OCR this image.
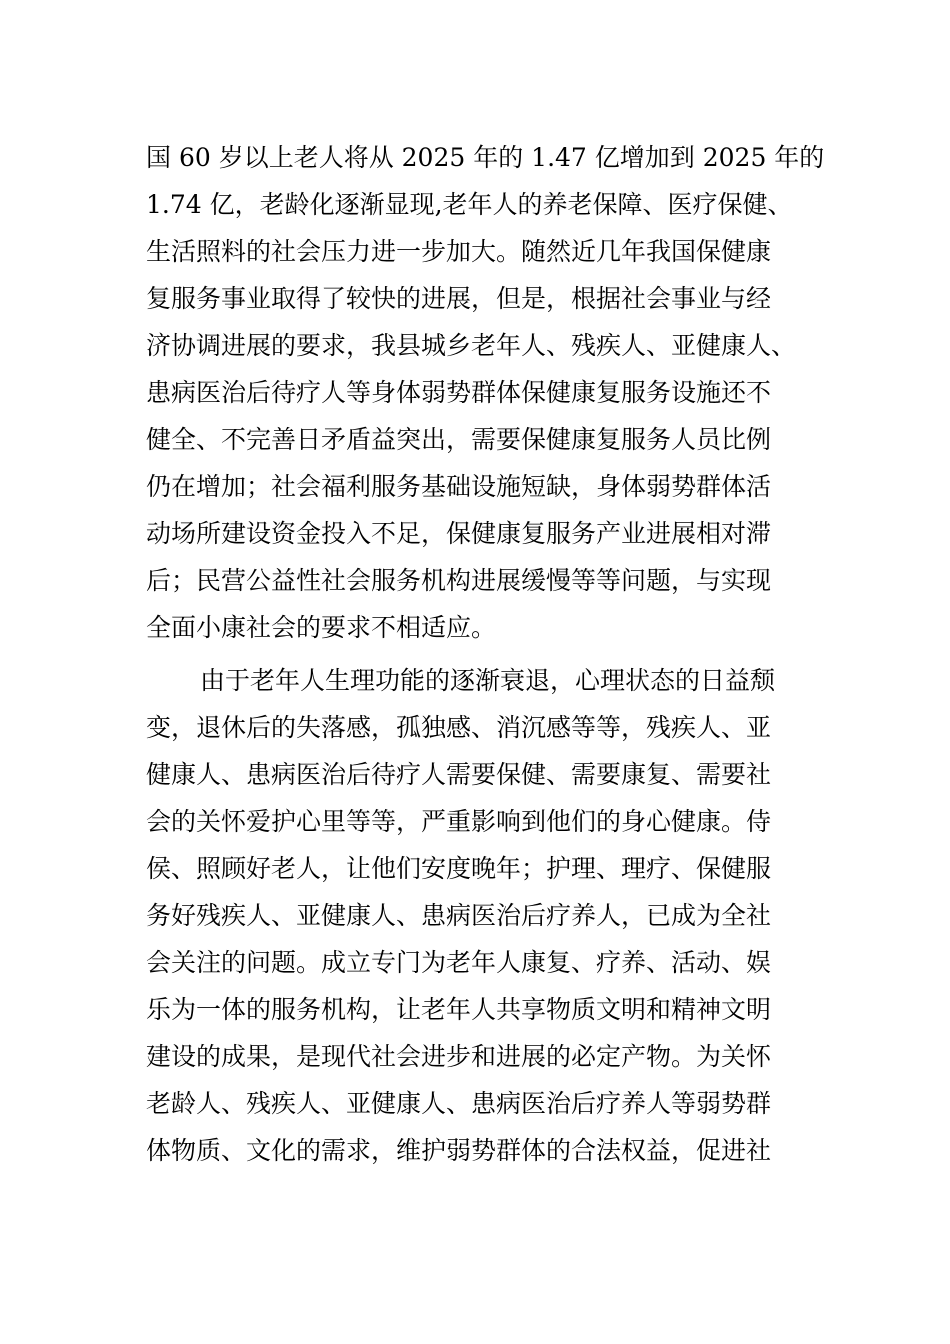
国 60 岁以上老人将从 2025 年的 1.47 亿增加到 2025 年的
1.74 亿，老龄化逐渐显现,老年人的养老保障、医疗保健、
生活照料的社会压力进一步加大。随然近几年我国保健康
复服务事业取得了较快的进展，但是，根据社会事业与经
济协调进展的要求，我县城乡老年人、残疾人、亚健康人、
患病医治后待疗人等身体弱势群体保健康复服务设施还不
健全、不完善日矛盾益突出，需要保健康复服务人员比例
仍在增加；社会福利服务基础设施短缺，身体弱势群体活
动场所建设资金投入不足，保健康复服务产业进展相对滞
后；民营公益性社会服务机构进展缓慢等等问题，与实现
全面小康社会的要求不相适应。
由于老年人生理功能的逐渐衰退，心理状态的日益颓
变，退休后的失落感，孤独感、消沉感等等，残疾人、亚
健康人、患病医治后待疗人需要保健、需要康复、需要社
会的关怀爱护心里等等，严重影响到他们的身心健康。侍
侯、照顾好老人，让他们安度晚年；护理、理疗、保健服
务好残疾人、亚健康人、患病医治后疗养人，已成为全社
会关注的问题。成立专门为老年人康复、疗养、活动、娱
乐为一体的服务机构，让老年人共享物质文明和精神文明
建设的成果，是现代社会进步和进展的必定产物。为关怀
老龄人、残疾人、亚健康人、患病医治后疗养人等弱势群
体物质、文化的需求，维护弱势群体的合法权益，促进社
